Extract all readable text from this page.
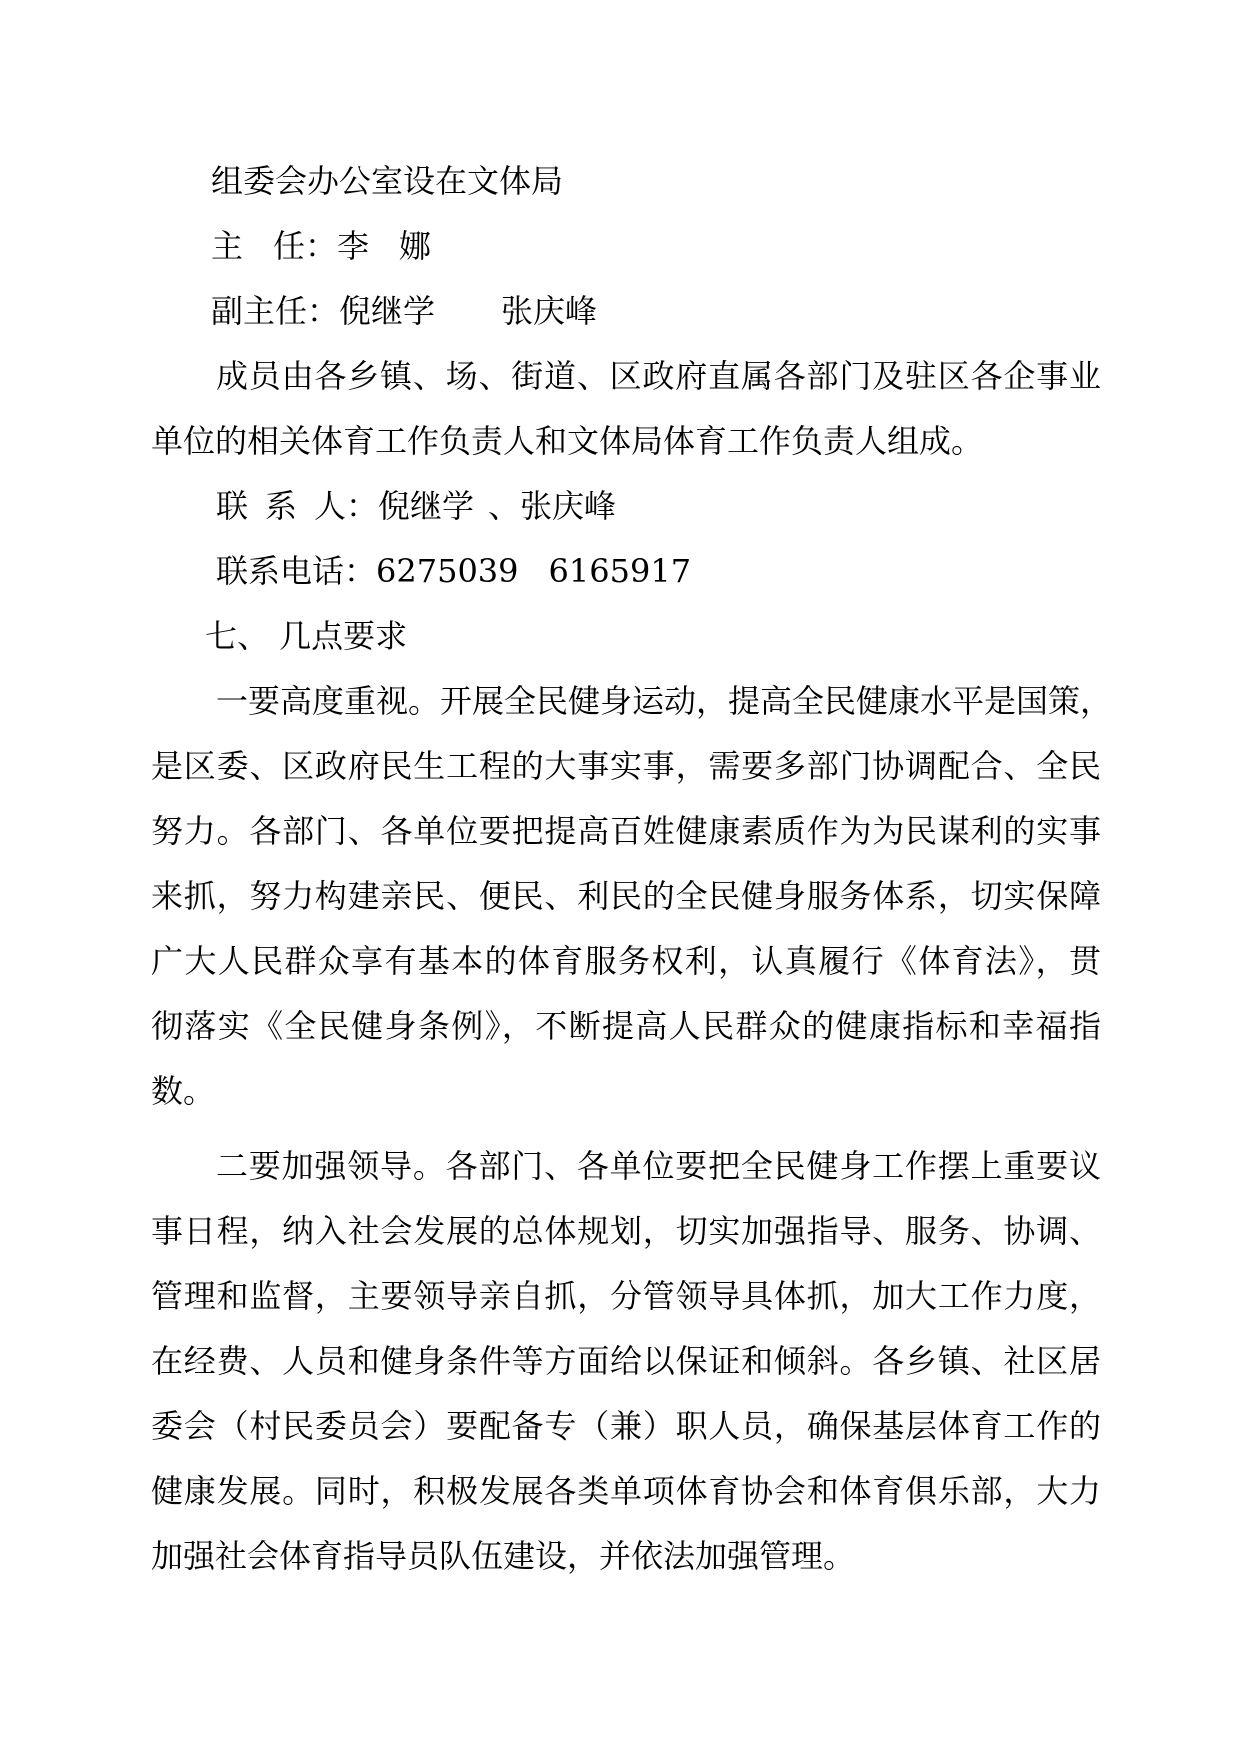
组委会办公室设在文体局
主 任：李 娜
副主任：倪继学 张庆峰
成员由各乡镇、场、街道、区政府直属各部门及驻区各企事业
单位的相关体育工作负责人和文体局体育工作负责人组成。
联 系 人：倪继学 、张庆峰
联系电话：6275039 6165917
七、 几点要求
一要高度重视。开展全民健身运动，提高全民健康水平是国策，
是区委、区政府民生工程的大事实事，需要多部门协调配合、全民
努力。各部门、各单位要把提高百姓健康素质作为为民谋利的实事
来抓，努力构建亲民、便民、利民的全民健身服务体系，切实保障
广大人民群众享有基本的体育服务权利，认真履行《体育法》，贯
彻落实《全民健身条例》，不断提高人民群众的健康指标和幸福指
数。
二要加强领导。各部门、各单位要把全民健身工作摆上重要议
事日程，纳入社会发展的总体规划，切实加强指导、服务、协调、
管理和监督，主要领导亲自抓，分管领导具体抓，加大工作力度，
在经费、人员和健身条件等方面给以保证和倾斜。各乡镇、社区居
委会（村民委员会）要配备专（兼）职人员，确保基层体育工作的
健康发展。同时，积极发展各类单项体育协会和体育俱乐部，大力
加强社会体育指导员队伍建设，并依法加强管理。
